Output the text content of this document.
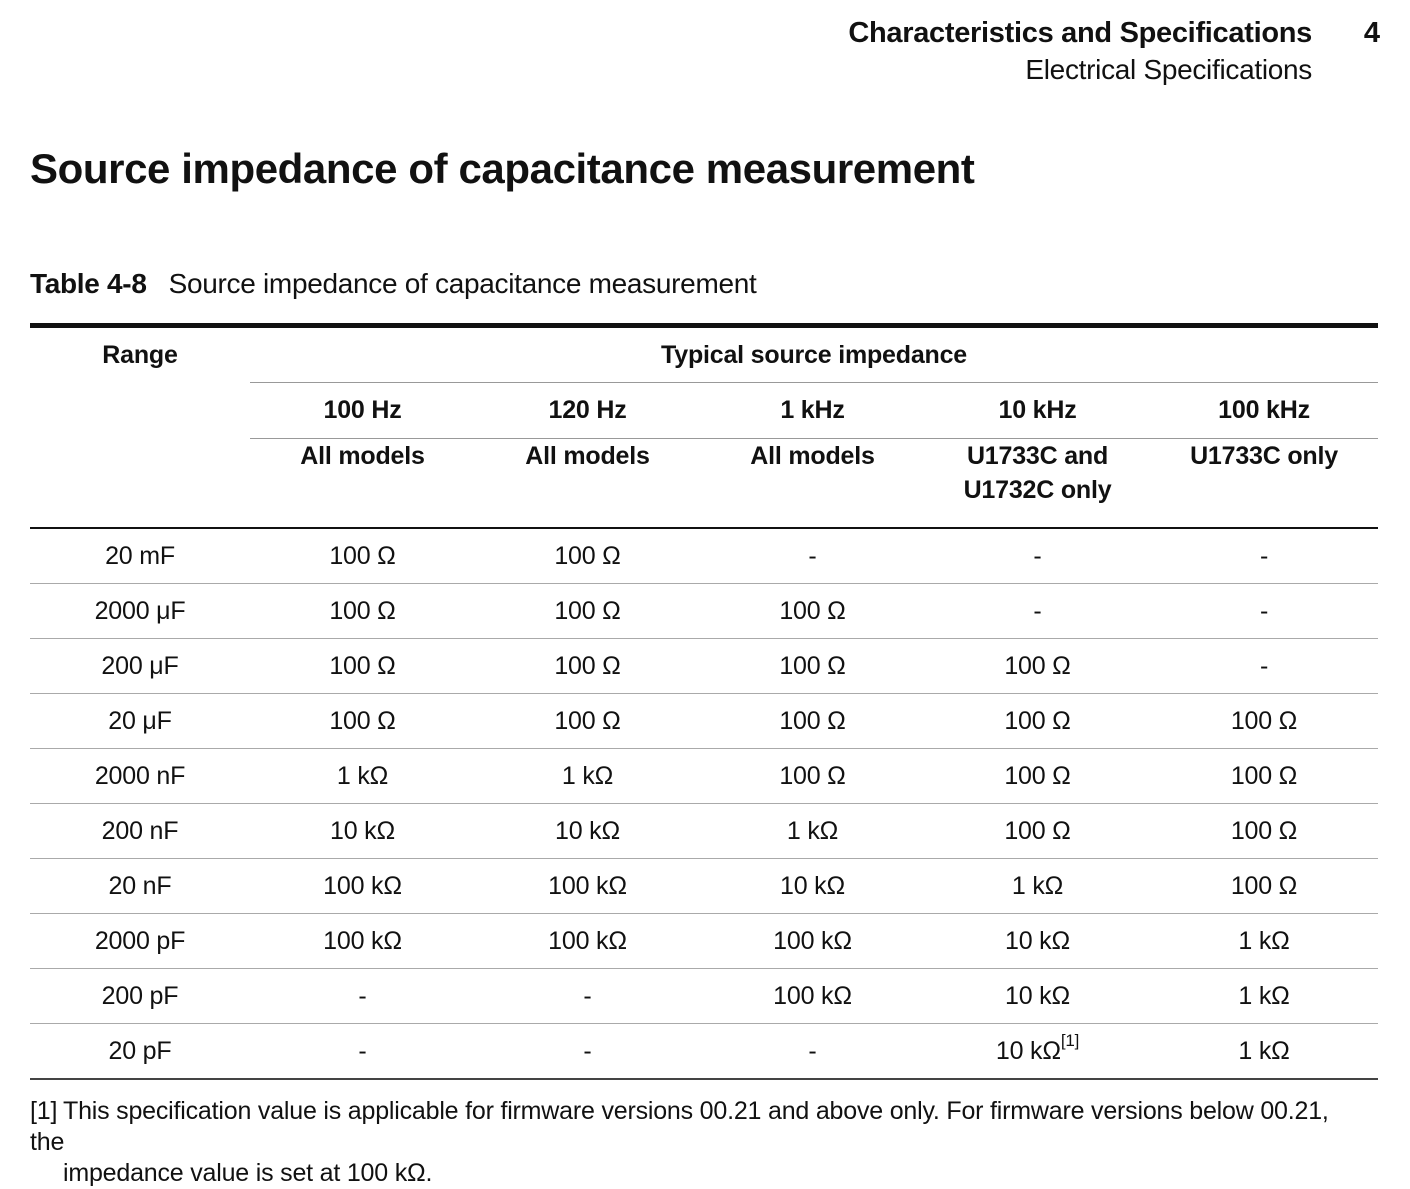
Characteristics and Specifications
Electrical Specifications
4
Source impedance of capacitance measurement
Table 4-8 Source impedance of capacitance measurement
Range	Typical source impedance				
	100 Hz	120 Hz	1 kHz	10 kHz	100 kHz

	All models	All models	All models	U1733C and
U1732C only	U1733C only

20 mF	100 Ω	100 Ω	-	-	-
2000 μF	100 Ω	100 Ω	100 Ω	-	-
200 μF	100 Ω	100 Ω	100 Ω	100 Ω	-
20 μF	100 Ω	100 Ω	100 Ω	100 Ω	100 Ω
2000 nF	1 kΩ	1 kΩ	100 Ω	100 Ω	100 Ω
200 nF	10 kΩ	10 kΩ	1 kΩ	100 Ω	100 Ω
20 nF	100 kΩ	100 kΩ	10 kΩ	1 kΩ	100 Ω
2000 pF	100 kΩ	100 kΩ	100 kΩ	10 kΩ	1 kΩ
200 pF	-	-	100 kΩ	10 kΩ	1 kΩ
20 pF	-	-	-	10 kΩ[1]	1 kΩ
[1] This specification value is applicable for firmware versions 00.21 and above only. For firmware versions below 00.21, the
impedance value is set at 100 kΩ.
